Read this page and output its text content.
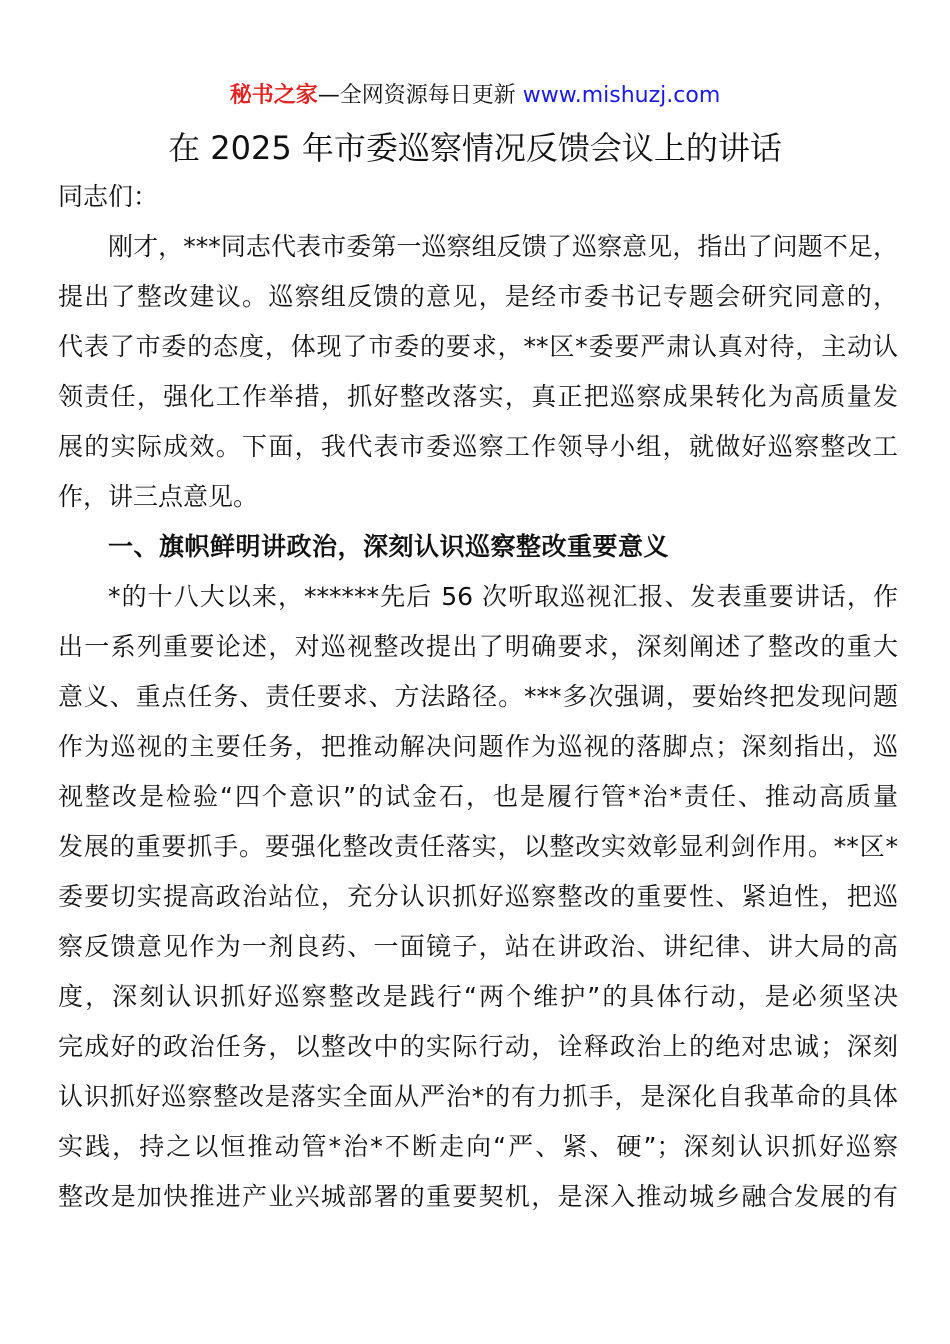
秘书之家—全网资源每日更新 www.mishuzj.com
在 2025 年市委巡察情况反馈会议上的讲话
同志们：
刚才，***同志代表市委第一巡察组反馈了巡察意见，指出了问题不足，
提出了整改建议。巡察组反馈的意见，是经市委书记专题会研究同意的，
代表了市委的态度，体现了市委的要求，**区*委要严肃认真对待，主动认
领责任，强化工作举措，抓好整改落实，真正把巡察成果转化为高质量发
展的实际成效。下面，我代表市委巡察工作领导小组，就做好巡察整改工
作，讲三点意见。
一、旗帜鲜明讲政治，深刻认识巡察整改重要意义
*的十八大以来，******先后 56 次听取巡视汇报、发表重要讲话，作
出一系列重要论述，对巡视整改提出了明确要求，深刻阐述了整改的重大
意义、重点任务、责任要求、方法路径。***多次强调，要始终把发现问题
作为巡视的主要任务，把推动解决问题作为巡视的落脚点；深刻指出，巡
视整改是检验“四个意识”的试金石，也是履行管*治*责任、推动高质量
发展的重要抓手。要强化整改责任落实，以整改实效彰显利剑作用。**区*
委要切实提高政治站位，充分认识抓好巡察整改的重要性、紧迫性，把巡
察反馈意见作为一剂良药、一面镜子，站在讲政治、讲纪律、讲大局的高
度，深刻认识抓好巡察整改是践行“两个维护”的具体行动，是必须坚决
完成好的政治任务，以整改中的实际行动，诠释政治上的绝对忠诚；深刻
认识抓好巡察整改是落实全面从严治*的有力抓手，是深化自我革命的具体
实践，持之以恒推动管*治*不断走向“严、紧、硬”；深刻认识抓好巡察
整改是加快推进产业兴城部署的重要契机，是深入推动城乡融合发展的有
